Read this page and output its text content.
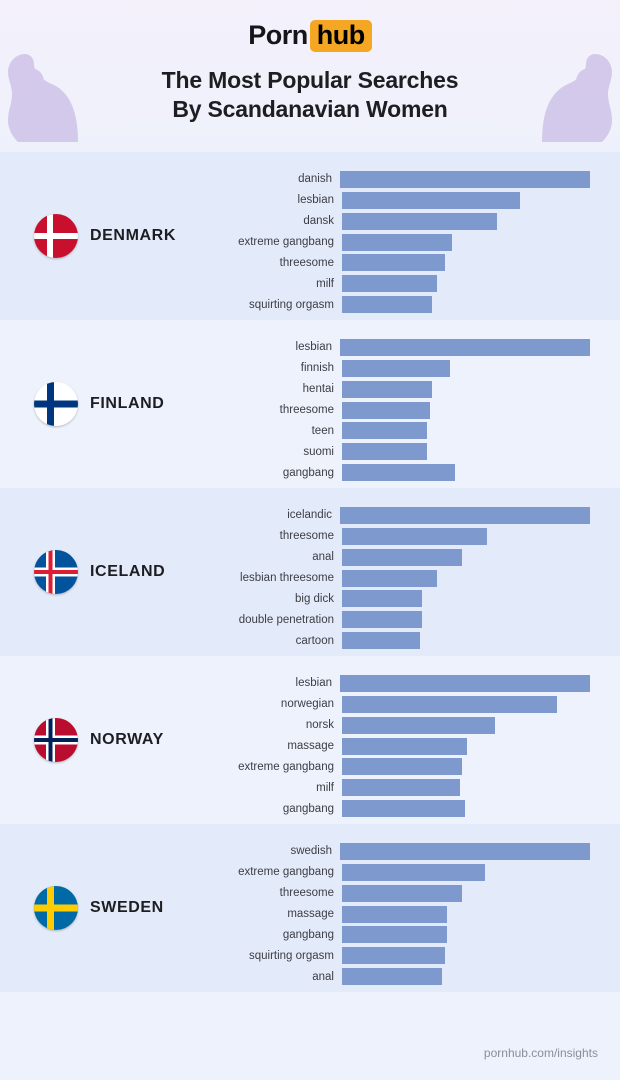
Porn hub
The Most Popular Searches
By Scandanavian Women
DENMARK
danish
lesbian
dansk
extreme gangbang
threesome
milf
squirting orgasm
FINLAND
lesbian
finnish
hentai
threesome
teen
suomi
gangbang
ICELAND
icelandic
threesome
anal
lesbian threesome
big dick
double penetration
cartoon
NORWAY
lesbian
norwegian
norsk
massage
extreme gangbang
milf
gangbang
SWEDEN
swedish
extreme gangbang
threesome
massage
gangbang
squirting orgasm
anal
pornhub.com/insights
